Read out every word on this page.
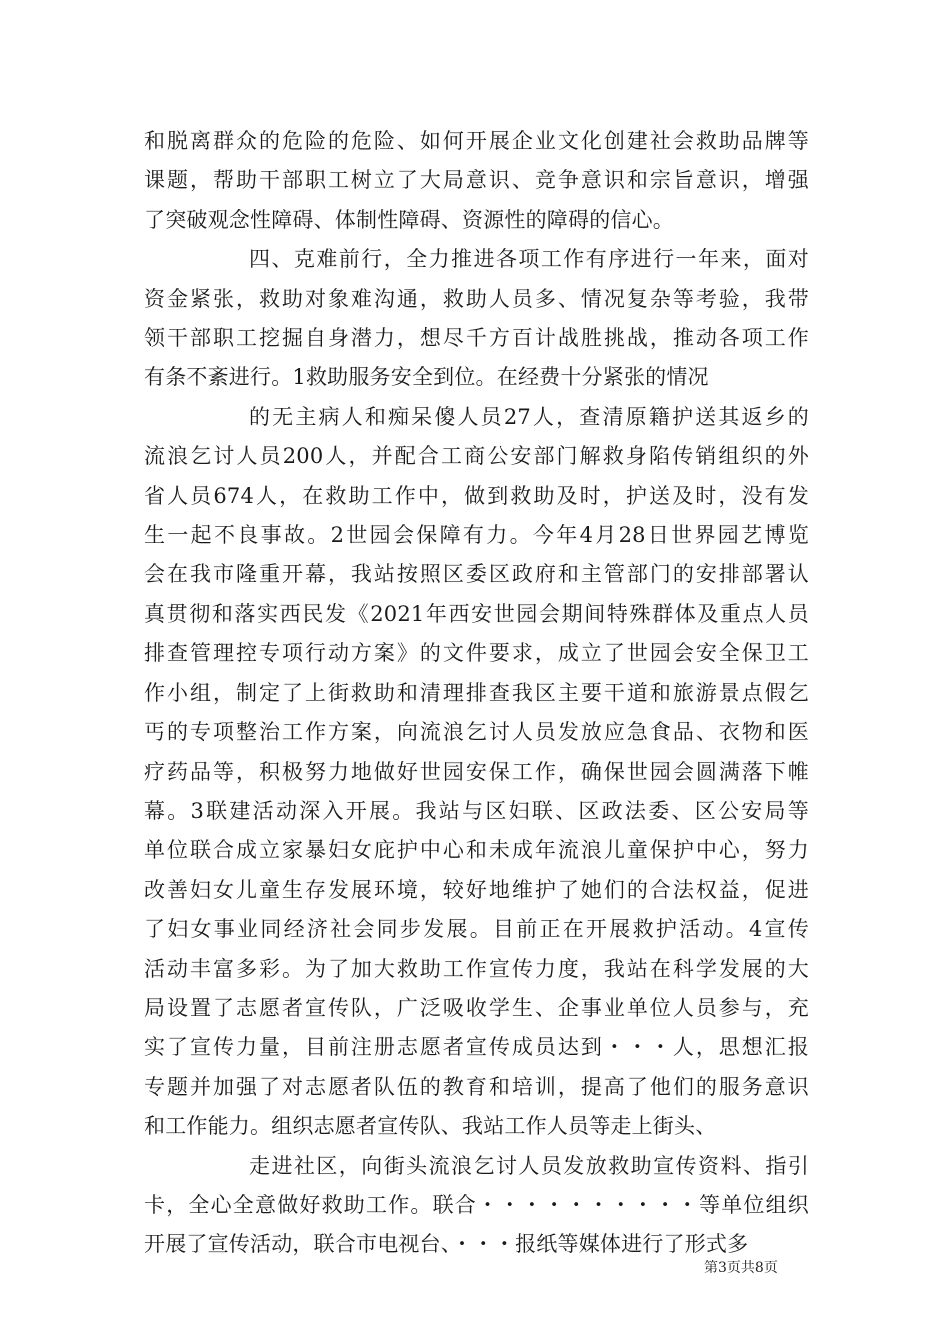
和脱离群众的危险的危险、如何开展企业文化创建社会救助品牌等

课题，帮助干部职工树立了大局意识、竞争意识和宗旨意识，增强

了突破观念性障碍、体制性障碍、资源性的障碍的信心。

四、克难前行，全力推进各项工作有序进行一年来，面对

资金紧张，救助对象难沟通，救助人员多、情况复杂等考验，我带

领干部职工挖掘自身潜力，想尽千方百计战胜挑战，推动各项工作

有条不紊进行。1救助服务安全到位。在经费十分紧张的情况

的无主病人和痴呆傻人员27人，查清原籍护送其返乡的

流浪乞讨人员200人，并配合工商公安部门解救身陷传销组织的外

省人员674人，在救助工作中，做到救助及时，护送及时，没有发

生一起不良事故。2世园会保障有力。今年4月28日世界园艺博览

会在我市隆重开幕，我站按照区委区政府和主管部门的安排部署认

真贯彻和落实西民发《2021年西安世园会期间特殊群体及重点人员

排查管理控专项行动方案》的文件要求，成立了世园会安全保卫工

作小组，制定了上街救助和清理排查我区主要干道和旅游景点假乞

丐的专项整治工作方案，向流浪乞讨人员发放应急食品、衣物和医

疗药品等，积极努力地做好世园安保工作，确保世园会圆满落下帷

幕。3联建活动深入开展。我站与区妇联、区政法委、区公安局等

单位联合成立家暴妇女庇护中心和未成年流浪儿童保护中心，努力

改善妇女儿童生存发展环境，较好地维护了她们的合法权益，促进

了妇女事业同经济社会同步发展。目前正在开展救护活动。4宣传

活动丰富多彩。为了加大救助工作宣传力度，我站在科学发展的大

局设置了志愿者宣传队，广泛吸收学生、企事业单位人员参与，充

实了宣传力量，目前注册志愿者宣传成员达到・・・人，思想汇报

专题并加强了对志愿者队伍的教育和培训，提高了他们的服务意识

和工作能力。组织志愿者宣传队、我站工作人员等走上街头、

走进社区，向街头流浪乞讨人员发放救助宣传资料、指引

卡，全心全意做好救助工作。联合・・・・・・・・・・等单位组织

开展了宣传活动，联合市电视台、・・・报纸等媒体进行了形式多

第3页共8页
